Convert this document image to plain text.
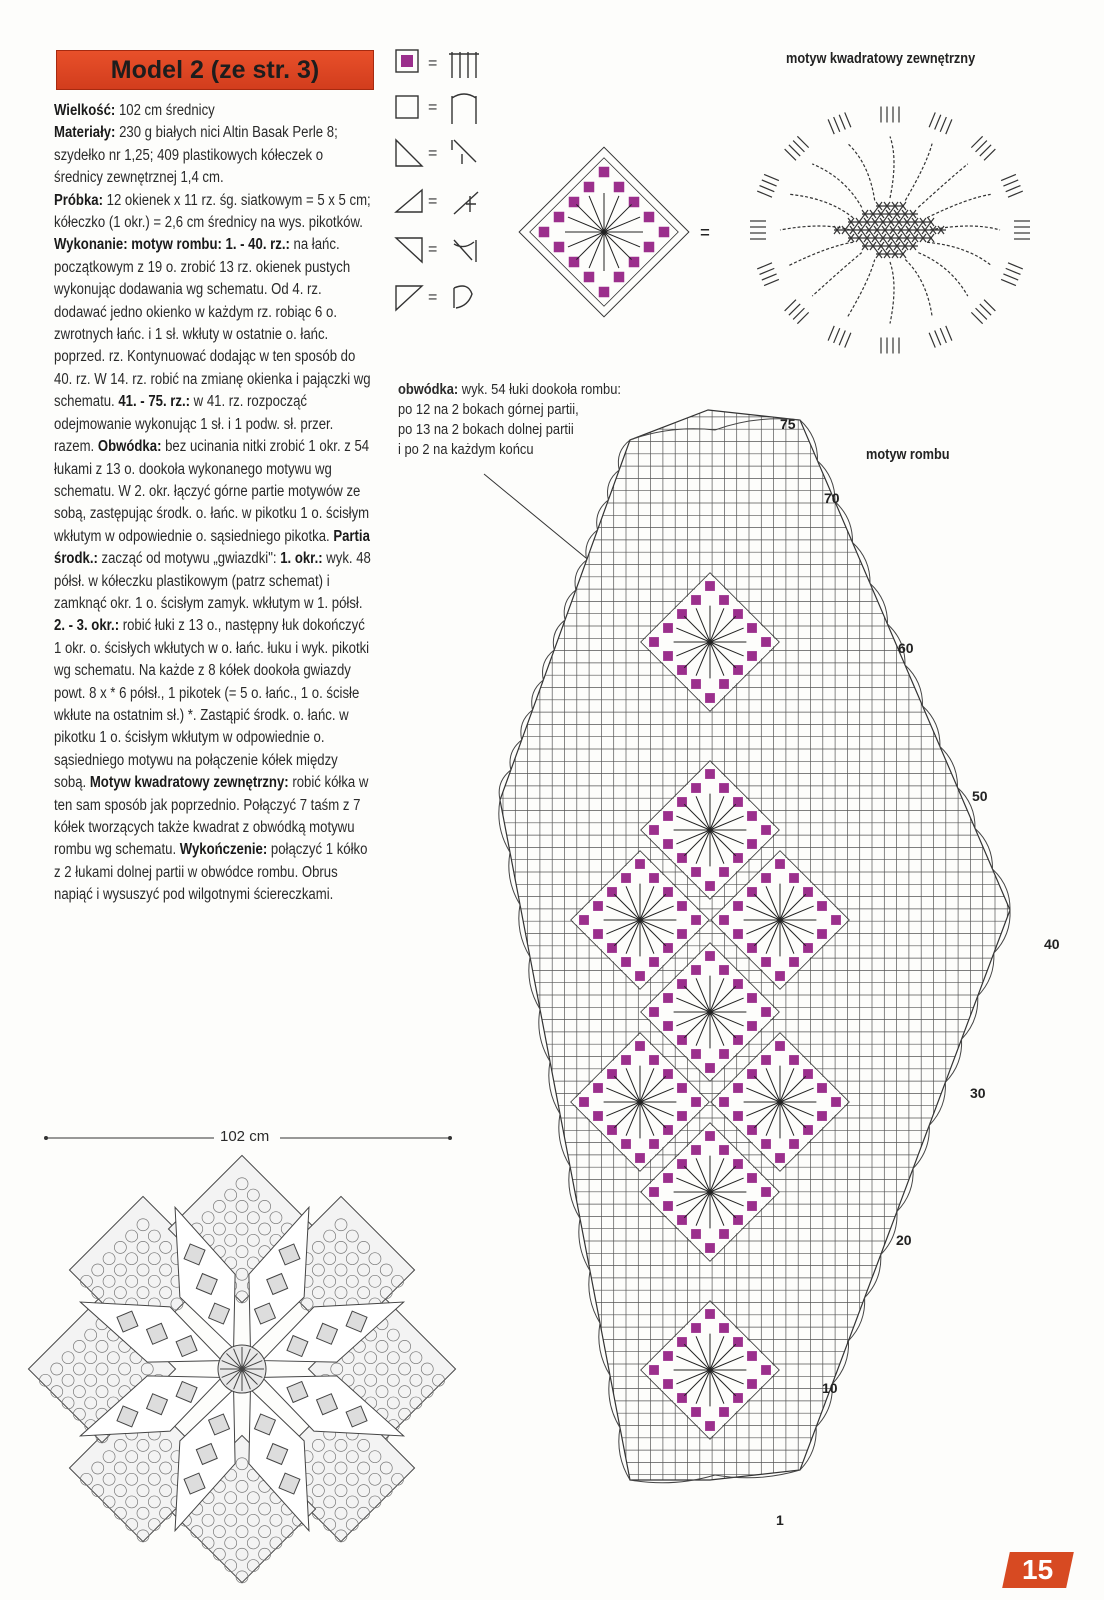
Model 2 (ze str. 3)
Wielkość: 102 cm średnicy
Materiały: 230 g białych nici Altin Basak Perle 8; szydełko nr 1,25; 409 plastikowych kółeczek o średnicy zewnętrznej 1,4 cm.
Próbka: 12 okienek x 11 rz. śg. siatkowym = 5 x 5 cm; kółeczko (1 okr.) = 2,6 cm średnicy na wys. pikotków.
Wykonanie: motyw rombu: 1. - 40. rz.: na łańc. początkowym z 19 o. zrobić 13 rz. okienek pustych wykonując dodawania wg schematu. Od 4. rz. dodawać jedno okienko w każdym rz. robiąc 6 o. zwrotnych łańc. i 1 sł. wkłuty w ostatnie o. łańc. poprzed. rz. Kontynuować dodając w ten sposób do 40. rz. W 14. rz. robić na zmianę okienka i pajączki wg schematu. 41. - 75. rz.: w 41. rz. rozpocząć odejmowanie wykonując 1 sł. i 1 podw. sł. przer. razem. Obwódka: bez ucinania nitki zrobić 1 okr. z 54 łukami z 13 o. dookoła wykonanego motywu wg schematu. W 2. okr. łączyć górne partie motywów ze sobą, zastępując środk. o. łańc. w pikotku 1 o. ścisłym wkłutym w odpowiednie o. sąsiedniego pikotka. Partia środk.: zacząć od motywu „gwiazdki": 1. okr.: wyk. 48 półsł. w kółeczku plastikowym (patrz schemat) i zamknąć okr. 1 o. ścisłym zamyk. wkłutym w 1. półsł. 2. - 3. okr.: robić łuki z 13 o., następny łuk dokończyć 1 okr. o. ścisłych wkłutych w o. łańc. łuku i wyk. pikotki wg schematu. Na każde z 8 kółek dookoła gwiazdy powt. 8 x * 6 półsł., 1 pikotek (= 5 o. łańc., 1 o. ścisłe wkłute na ostatnim sł.) *. Zastąpić środk. o. łańc. w pikotku 1 o. ścisłym wkłutym w odpowiednie o. sąsiedniego motywu na połączenie kółek między sobą. Motyw kwadratowy zewnętrzny: robić kółka w ten sam sposób jak poprzednio. Połączyć 7 taśm z 7 kółek tworzących także kwadrat z obwódką motywu rombu wg schematu. Wykończenie: połączyć 1 kółko z 2 łukami dolnej partii w obwódce rombu. Obrus napiąć i wysuszyć pod wilgotnymi ściereczkami.
=
=
=
=
=
=
=
motyw kwadratowy zewnętrzny
motyw rombu
75
70
60
50
40
30
20
10
1
obwódka: wyk. 54 łuki dookoła rombu:
po 12 na 2 bokach górnej partii,
po 13 na 2 bokach dolnej partii
i po 2 na każdym końcu
102 cm
15
